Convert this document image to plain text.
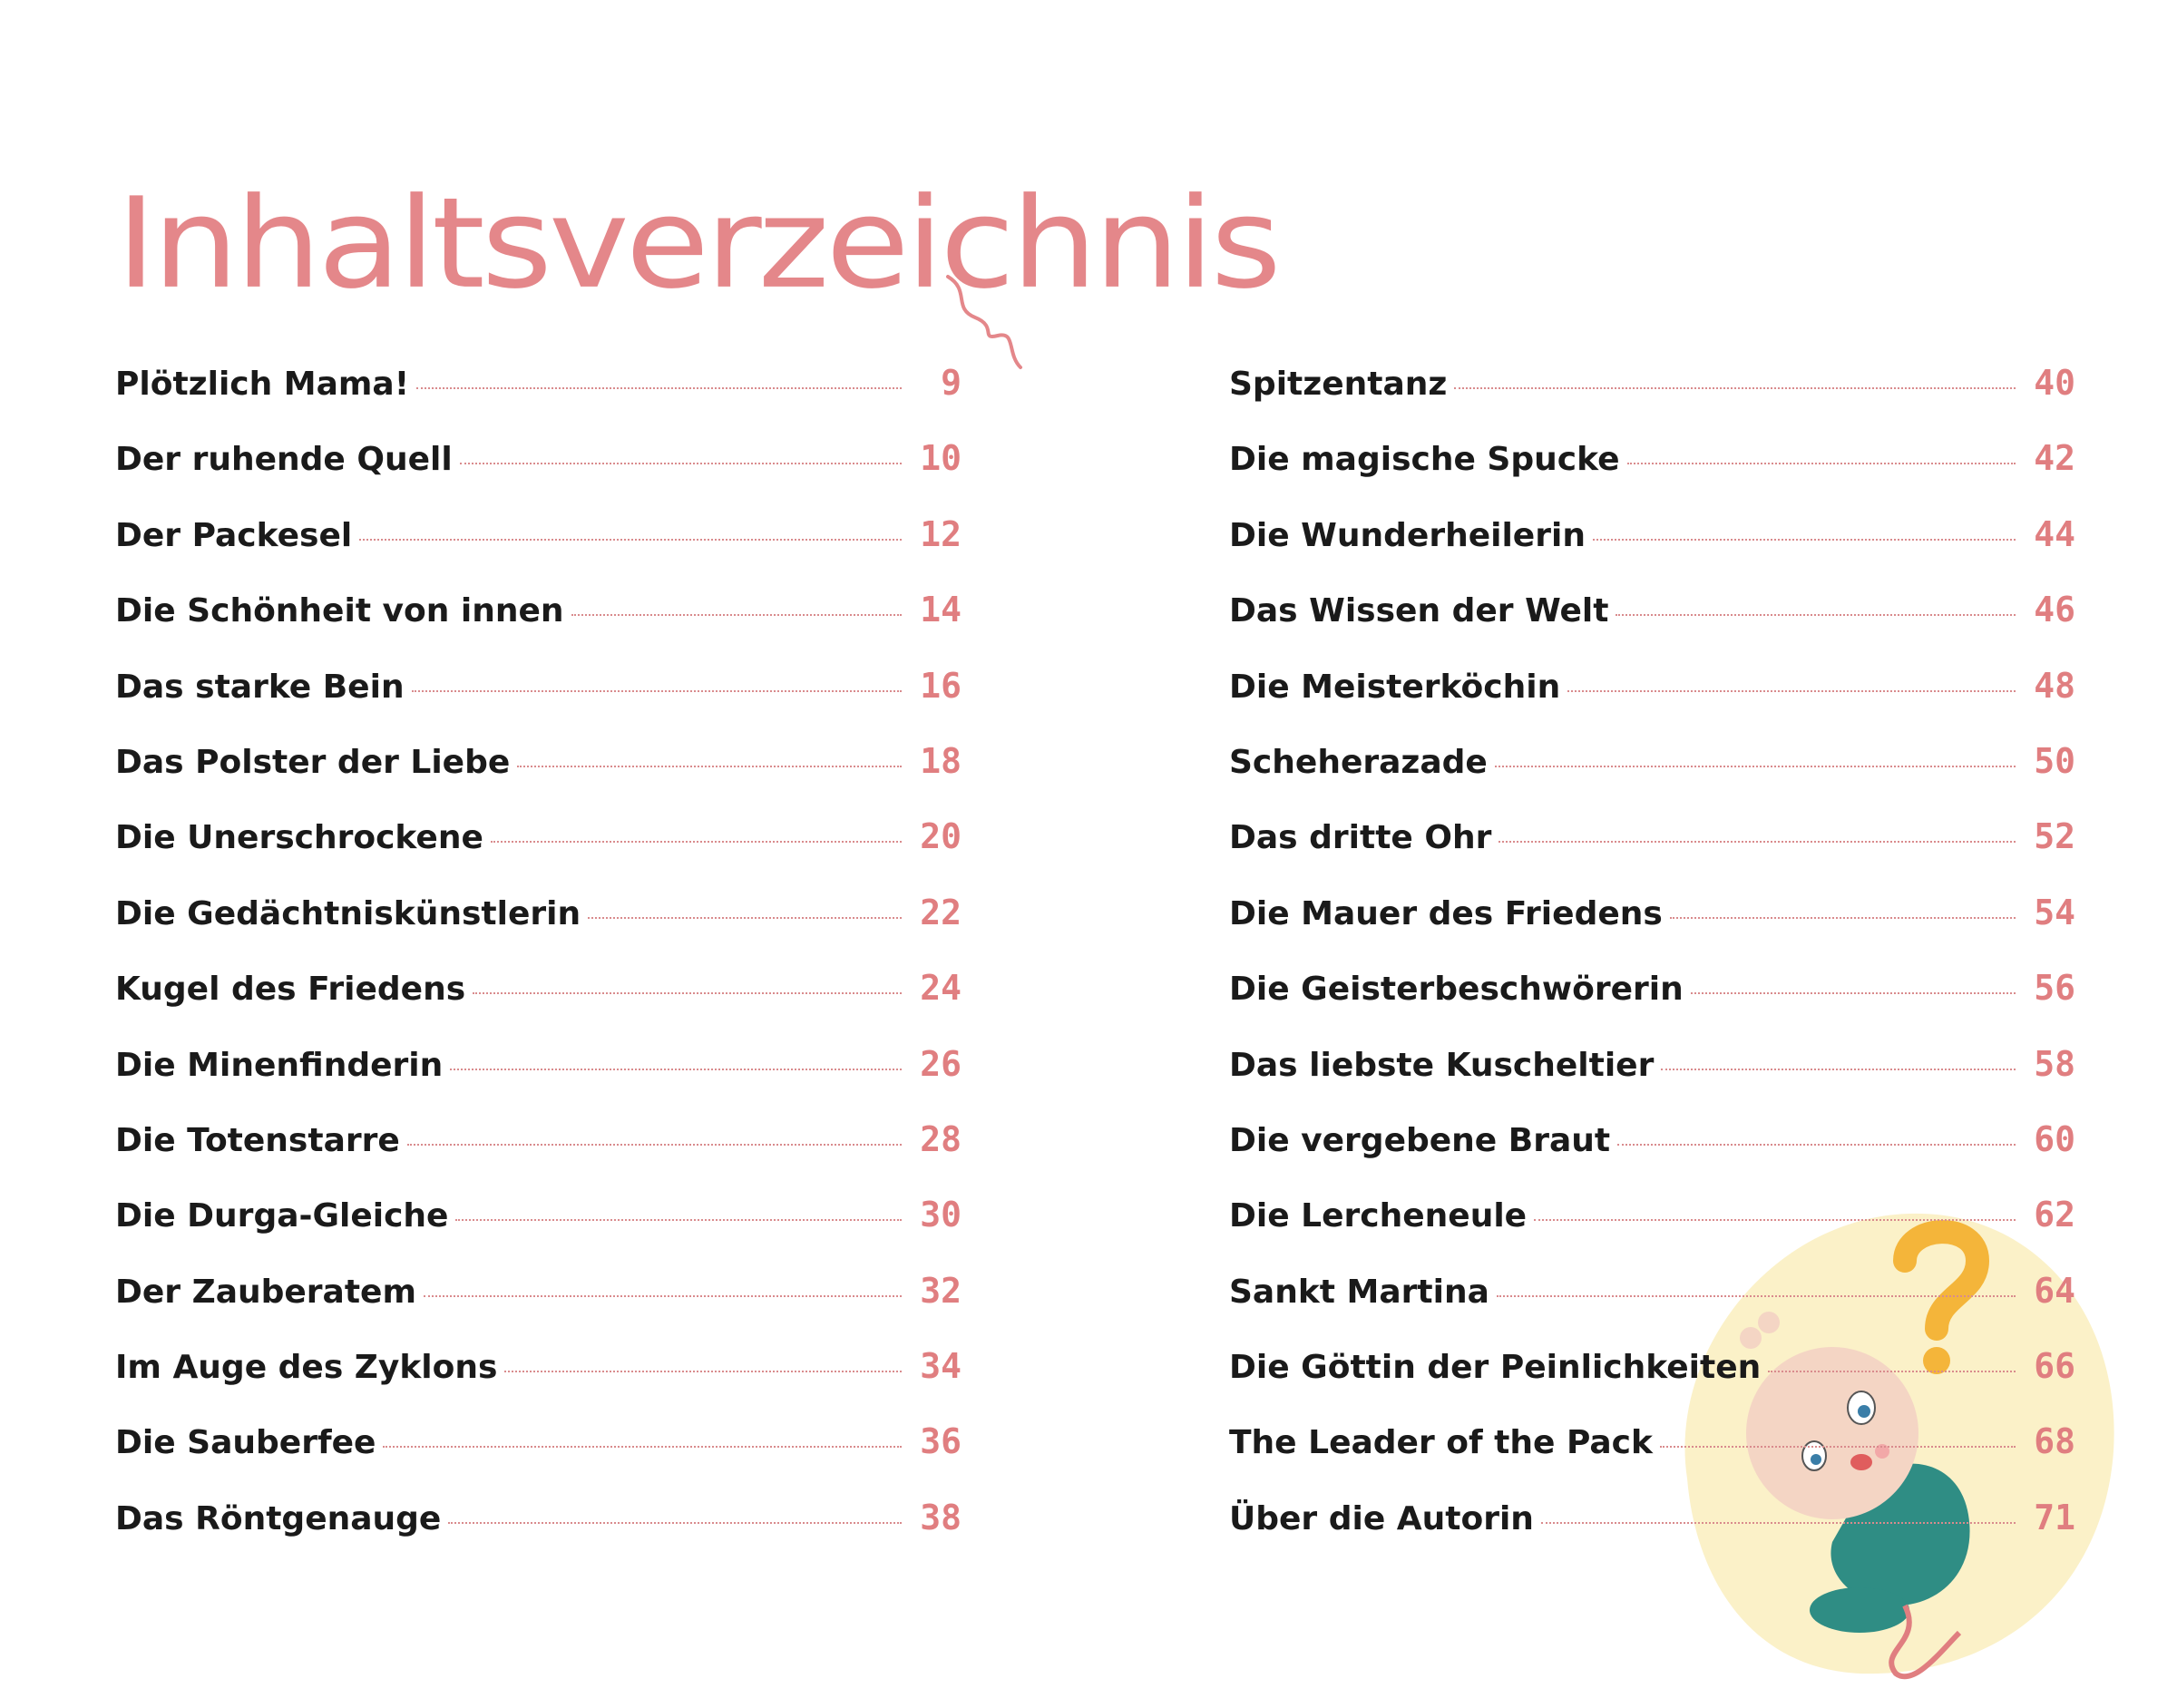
Inhaltsverzeichnis
Plötzlich Mama!	9
Der ruhende Quell	10
Der Packesel	12
Die Schönheit von innen	14
Das starke Bein	16
Das Polster der Liebe	18
Die Unerschrockene	20
Die Gedächtniskünstlerin	22
Kugel des Friedens	24
Die Minenfinderin	26
Die Totenstarre	28
Die Durga-Gleiche	30
Der Zauberatem	32
Im Auge des Zyklons	34
Die Sauberfee	36
Das Röntgenauge	38
Spitzentanz	40
Die magische Spucke	42
Die Wunderheilerin	44
Das Wissen der Welt	46
Die Meisterköchin	48
Scheherazade	50
Das dritte Ohr	52
Die Mauer des Friedens	54
Die Geisterbeschwörerin	56
Das liebste Kuscheltier	58
Die vergebene Braut	60
Die Lercheneule	62
Sankt Martina	64
Die Göttin der Peinlichkeiten	66
The Leader of the Pack	68
Über die Autorin	71
